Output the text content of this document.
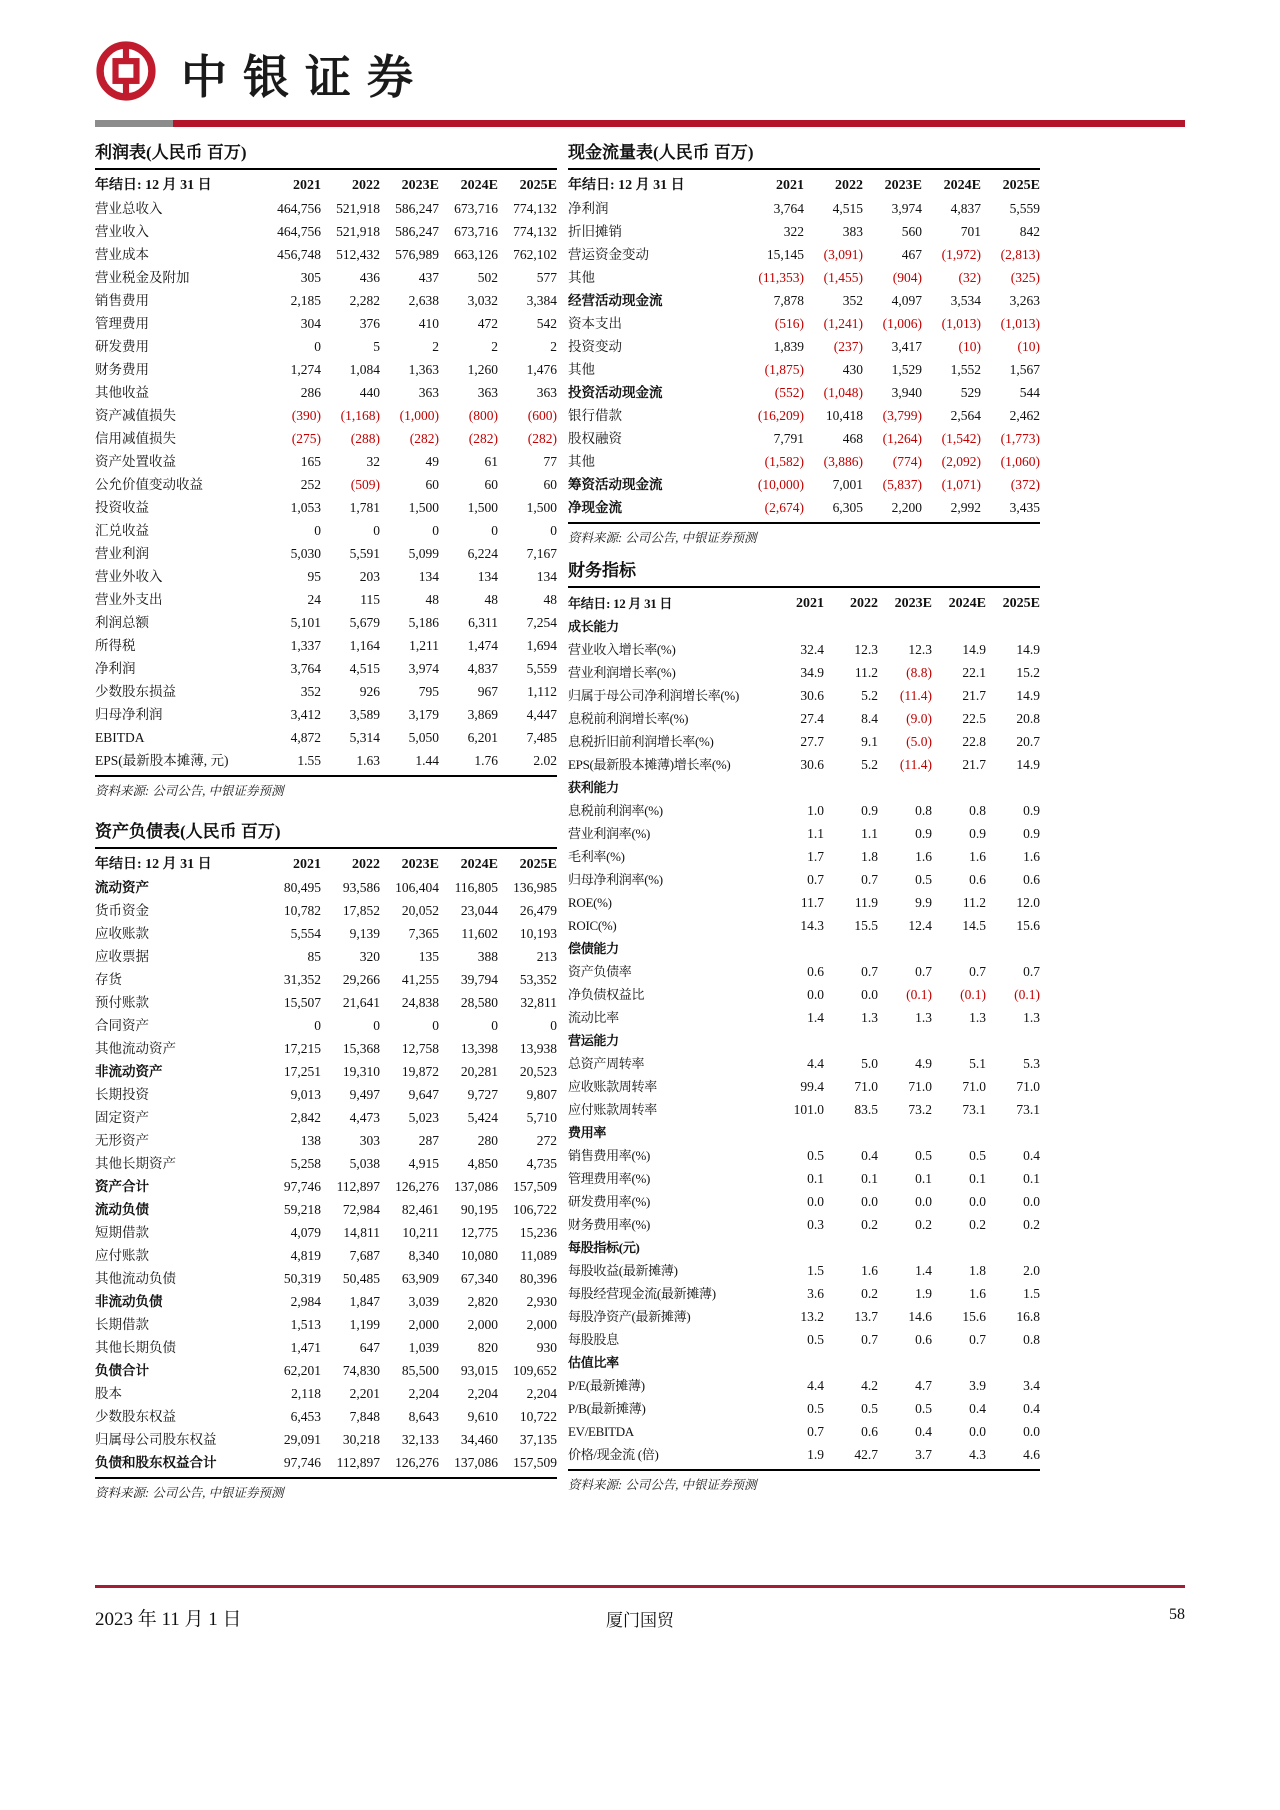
中银证券
利润表(人民币 百万)
年结日: 12 月 31 日	2021	2022	2023E	2024E	2025E
营业总收入	464,756	521,918	586,247	673,716	774,132
营业收入	464,756	521,918	586,247	673,716	774,132
营业成本	456,748	512,432	576,989	663,126	762,102
营业税金及附加	305	436	437	502	577
销售费用	2,185	2,282	2,638	3,032	3,384
管理费用	304	376	410	472	542
研发费用	0	5	2	2	2
财务费用	1,274	1,084	1,363	1,260	1,476
其他收益	286	440	363	363	363
资产减值损失	(390)	(1,168)	(1,000)	(800)	(600)
信用减值损失	(275)	(288)	(282)	(282)	(282)
资产处置收益	165	32	49	61	77
公允价值变动收益	252	(509)	60	60	60
投资收益	1,053	1,781	1,500	1,500	1,500
汇兑收益	0	0	0	0	0
营业利润	5,030	5,591	5,099	6,224	7,167
营业外收入	95	203	134	134	134
营业外支出	24	115	48	48	48
利润总额	5,101	5,679	5,186	6,311	7,254
所得税	1,337	1,164	1,211	1,474	1,694
净利润	3,764	4,515	3,974	4,837	5,559
少数股东损益	352	926	795	967	1,112
归母净利润	3,412	3,589	3,179	3,869	4,447
EBITDA	4,872	5,314	5,050	6,201	7,485
EPS(最新股本摊薄, 元)	1.55	1.63	1.44	1.76	2.02
资料来源: 公司公告, 中银证券预测
资产负债表(人民币 百万)
年结日: 12 月 31 日	2021	2022	2023E	2024E	2025E
流动资产	80,495	93,586	106,404	116,805	136,985
货币资金	10,782	17,852	20,052	23,044	26,479
应收账款	5,554	9,139	7,365	11,602	10,193
应收票据	85	320	135	388	213
存货	31,352	29,266	41,255	39,794	53,352
预付账款	15,507	21,641	24,838	28,580	32,811
合同资产	0	0	0	0	0
其他流动资产	17,215	15,368	12,758	13,398	13,938
非流动资产	17,251	19,310	19,872	20,281	20,523
长期投资	9,013	9,497	9,647	9,727	9,807
固定资产	2,842	4,473	5,023	5,424	5,710
无形资产	138	303	287	280	272
其他长期资产	5,258	5,038	4,915	4,850	4,735
资产合计	97,746	112,897	126,276	137,086	157,509
流动负债	59,218	72,984	82,461	90,195	106,722
短期借款	4,079	14,811	10,211	12,775	15,236
应付账款	4,819	7,687	8,340	10,080	11,089
其他流动负债	50,319	50,485	63,909	67,340	80,396
非流动负债	2,984	1,847	3,039	2,820	2,930
长期借款	1,513	1,199	2,000	2,000	2,000
其他长期负债	1,471	647	1,039	820	930
负债合计	62,201	74,830	85,500	93,015	109,652
股本	2,118	2,201	2,204	2,204	2,204
少数股东权益	6,453	7,848	8,643	9,610	10,722
归属母公司股东权益	29,091	30,218	32,133	34,460	37,135
负债和股东权益合计	97,746	112,897	126,276	137,086	157,509
资料来源: 公司公告, 中银证券预测
现金流量表(人民币 百万)
年结日: 12 月 31 日	2021	2022	2023E	2024E	2025E
净利润	3,764	4,515	3,974	4,837	5,559
折旧摊销	322	383	560	701	842
营运资金变动	15,145	(3,091)	467	(1,972)	(2,813)
其他	(11,353)	(1,455)	(904)	(32)	(325)
经营活动现金流	7,878	352	4,097	3,534	3,263
资本支出	(516)	(1,241)	(1,006)	(1,013)	(1,013)
投资变动	1,839	(237)	3,417	(10)	(10)
其他	(1,875)	430	1,529	1,552	1,567
投资活动现金流	(552)	(1,048)	3,940	529	544
银行借款	(16,209)	10,418	(3,799)	2,564	2,462
股权融资	7,791	468	(1,264)	(1,542)	(1,773)
其他	(1,582)	(3,886)	(774)	(2,092)	(1,060)
筹资活动现金流	(10,000)	7,001	(5,837)	(1,071)	(372)
净现金流	(2,674)	6,305	2,200	2,992	3,435
资料来源: 公司公告, 中银证券预测
财务指标
年结日: 12 月 31 日	2021	2022	2023E	2024E	2025E
成长能力
营业收入增长率(%)	32.4	12.3	12.3	14.9	14.9
营业利润增长率(%)	34.9	11.2	(8.8)	22.1	15.2
归属于母公司净利润增长率(%)	30.6	5.2	(11.4)	21.7	14.9
息税前利润增长率(%)	27.4	8.4	(9.0)	22.5	20.8
息税折旧前利润增长率(%)	27.7	9.1	(5.0)	22.8	20.7
EPS(最新股本摊薄)增长率(%)	30.6	5.2	(11.4)	21.7	14.9
获利能力
息税前利润率(%)	1.0	0.9	0.8	0.8	0.9
营业利润率(%)	1.1	1.1	0.9	0.9	0.9
毛利率(%)	1.7	1.8	1.6	1.6	1.6
归母净利润率(%)	0.7	0.7	0.5	0.6	0.6
ROE(%)	11.7	11.9	9.9	11.2	12.0
ROIC(%)	14.3	15.5	12.4	14.5	15.6
偿债能力
资产负债率	0.6	0.7	0.7	0.7	0.7
净负债权益比	0.0	0.0	(0.1)	(0.1)	(0.1)
流动比率	1.4	1.3	1.3	1.3	1.3
营运能力
总资产周转率	4.4	5.0	4.9	5.1	5.3
应收账款周转率	99.4	71.0	71.0	71.0	71.0
应付账款周转率	101.0	83.5	73.2	73.1	73.1
费用率
销售费用率(%)	0.5	0.4	0.5	0.5	0.4
管理费用率(%)	0.1	0.1	0.1	0.1	0.1
研发费用率(%)	0.0	0.0	0.0	0.0	0.0
财务费用率(%)	0.3	0.2	0.2	0.2	0.2
每股指标(元)
每股收益(最新摊薄)	1.5	1.6	1.4	1.8	2.0
每股经营现金流(最新摊薄)	3.6	0.2	1.9	1.6	1.5
每股净资产(最新摊薄)	13.2	13.7	14.6	15.6	16.8
每股股息	0.5	0.7	0.6	0.7	0.8
估值比率
P/E(最新摊薄)	4.4	4.2	4.7	3.9	3.4
P/B(最新摊薄)	0.5	0.5	0.5	0.4	0.4
EV/EBITDA	0.7	0.6	0.4	0.0	0.0
价格/现金流 (倍)	1.9	42.7	3.7	4.3	4.6
资料来源: 公司公告, 中银证券预测
2023 年 11 月 1 日	厦门国贸	58
